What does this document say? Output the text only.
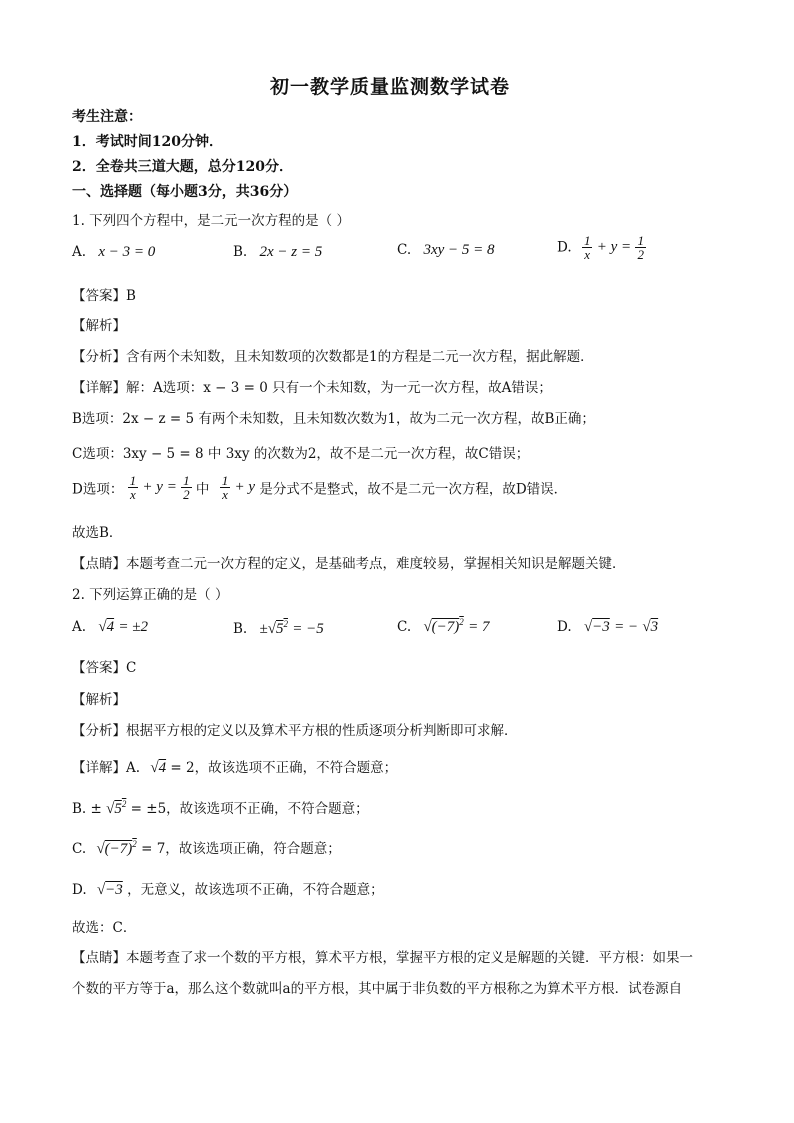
初一教学质量监测数学试卷
考生注意：
1．考试时间120分钟．
2．全卷共三道大题，总分120分．
一、选择题（每小题3分，共36分）
1. 下列四个方程中，是二元一次方程的是（ ）
A. x − 3 = 0	B. 2x − z = 5	C. 3xy − 5 = 8	D. $\frac{1}{x} + y = \frac{1}{2}$
【答案】B
【解析】
【分析】含有两个未知数，且未知数项的次数都是1的方程是二元一次方程，据此解题．
【详解】解：A选项：x − 3 = 0 只有一个未知数，为一元一次方程，故A错误；
B选项：2x − z = 5 有两个未知数，且未知数次数为1，故为二元一次方程，故B正确；
C选项：3xy − 5 = 8 中 3xy 的次数为2，故不是二元一次方程，故C错误；
D选项： $\frac{1}{x} + y = \frac{1}{2}$ 中 $\frac{1}{x} + y$ 是分式不是整式，故不是二元一次方程，故D错误．
故选B．
【点睛】本题考查二元一次方程的定义，是基础考点，难度较易，掌握相关知识是解题关键．
2. 下列运算正确的是（ ）
A. √4 = ±2	B. $\pm√5^2 = -5$	C. $√(-7)^2 = 7$	D. √−3 = − √3
【答案】C
【解析】
【分析】根据平方根的定义以及算术平方根的性质逐项分析判断即可求解．
【详解】A. √4 = 2，故该选项不正确，不符合题意；
B. ± $√5^2 = \pm 5$，故该选项不正确，不符合题意；
C. $√(-7)^2 = 7$，故该选项正确，符合题意；
D. √−3 ，无意义，故该选项不正确，不符合题意；
故选：C．
【点睛】本题考查了求一个数的平方根，算术平方根，掌握平方根的定义是解题的关键．平方根：如果一
个数的平方等于a，那么这个数就叫a的平方根，其中属于非负数的平方根称之为算术平方根．试卷源自
